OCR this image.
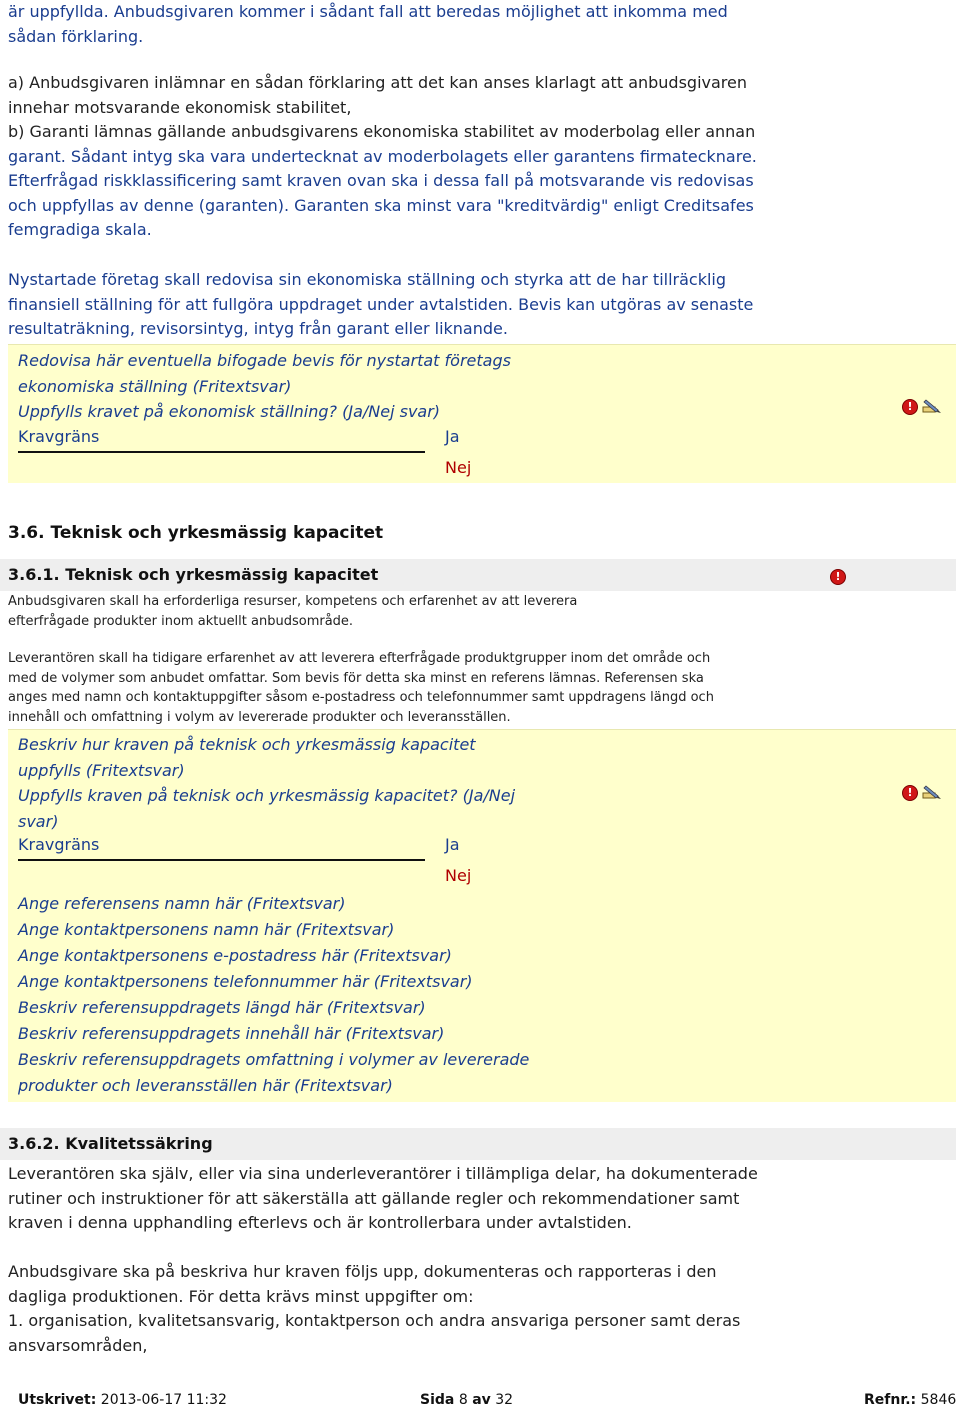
är uppfyllda. Anbudsgivaren kommer i sådant fall att beredas möjlighet att inkomma med
sådan förklaring.
a) Anbudsgivaren inlämnar en sådan förklaring att det kan anses klarlagt att anbudsgivaren
innehar motsvarande ekonomisk stabilitet,
b) Garanti lämnas gällande anbudsgivarens ekonomiska stabilitet av moderbolag eller annan
garant. Sådant intyg ska vara undertecknat av moderbolagets eller garantens firmatecknare.
Efterfrågad riskklassificering samt kraven ovan ska i dessa fall på motsvarande vis redovisas
och uppfyllas av denne (garanten). Garanten ska minst vara "kreditvärdig" enligt Creditsafes
femgradiga skala.
Nystartade företag skall redovisa sin ekonomiska ställning och styrka att de har tillräcklig
finansiell ställning för att fullgöra uppdraget under avtalstiden. Bevis kan utgöras av senaste
resultaträkning, revisorsintyg, intyg från garant eller liknande.
Redovisa här eventuella bifogade bevis för nystartat företags
ekonomiska ställning (Fritextsvar)
Uppfylls kravet på ekonomisk ställning? (Ja/Nej svar)
Kravgräns	Ja
Nej
!
3.6. Teknisk och yrkesmässig kapacitet
3.6.1. Teknisk och yrkesmässig kapacitet	!
Anbudsgivaren skall ha erforderliga resurser, kompetens och erfarenhet av att leverera
efterfrågade produkter inom aktuellt anbudsområde.
Leverantören skall ha tidigare erfarenhet av att leverera efterfrågade produktgrupper inom det område och
med de volymer som anbudet omfattar. Som bevis för detta ska minst en referens lämnas. Referensen ska
anges med namn och kontaktuppgifter såsom e-postadress och telefonnummer samt uppdragens längd och
innehåll och omfattning i volym av levererade produkter och leveransställen.
Beskriv hur kraven på teknisk och yrkesmässig kapacitet
uppfylls (Fritextsvar)
Uppfylls kraven på teknisk och yrkesmässig kapacitet? (Ja/Nej
svar)
Kravgräns	Ja
Nej
Ange referensens namn här (Fritextsvar)
Ange kontaktpersonens namn här (Fritextsvar)
Ange kontaktpersonens e-postadress här (Fritextsvar)
Ange kontaktpersonens telefonnummer här (Fritextsvar)
Beskriv referensuppdragets längd här (Fritextsvar)
Beskriv referensuppdragets innehåll här (Fritextsvar)
Beskriv referensuppdragets omfattning i volymer av levererade
produkter och leveransställen här (Fritextsvar)
!
3.6.2. Kvalitetssäkring
Leverantören ska själv, eller via sina underleverantörer i tillämpliga delar, ha dokumenterade
rutiner och instruktioner för att säkerställa att gällande regler och rekommendationer samt
kraven i denna upphandling efterlevs och är kontrollerbara under avtalstiden.
Anbudsgivare ska på beskriva hur kraven följs upp, dokumenteras och rapporteras i den
dagliga produktionen. För detta krävs minst uppgifter om:
1. organisation, kvalitetsansvarig, kontaktperson och andra ansvariga personer samt deras
ansvarsområden,
Utskrivet: 2013-06-17 11:32	Sida 8 av 32	Refnr.: 5846
